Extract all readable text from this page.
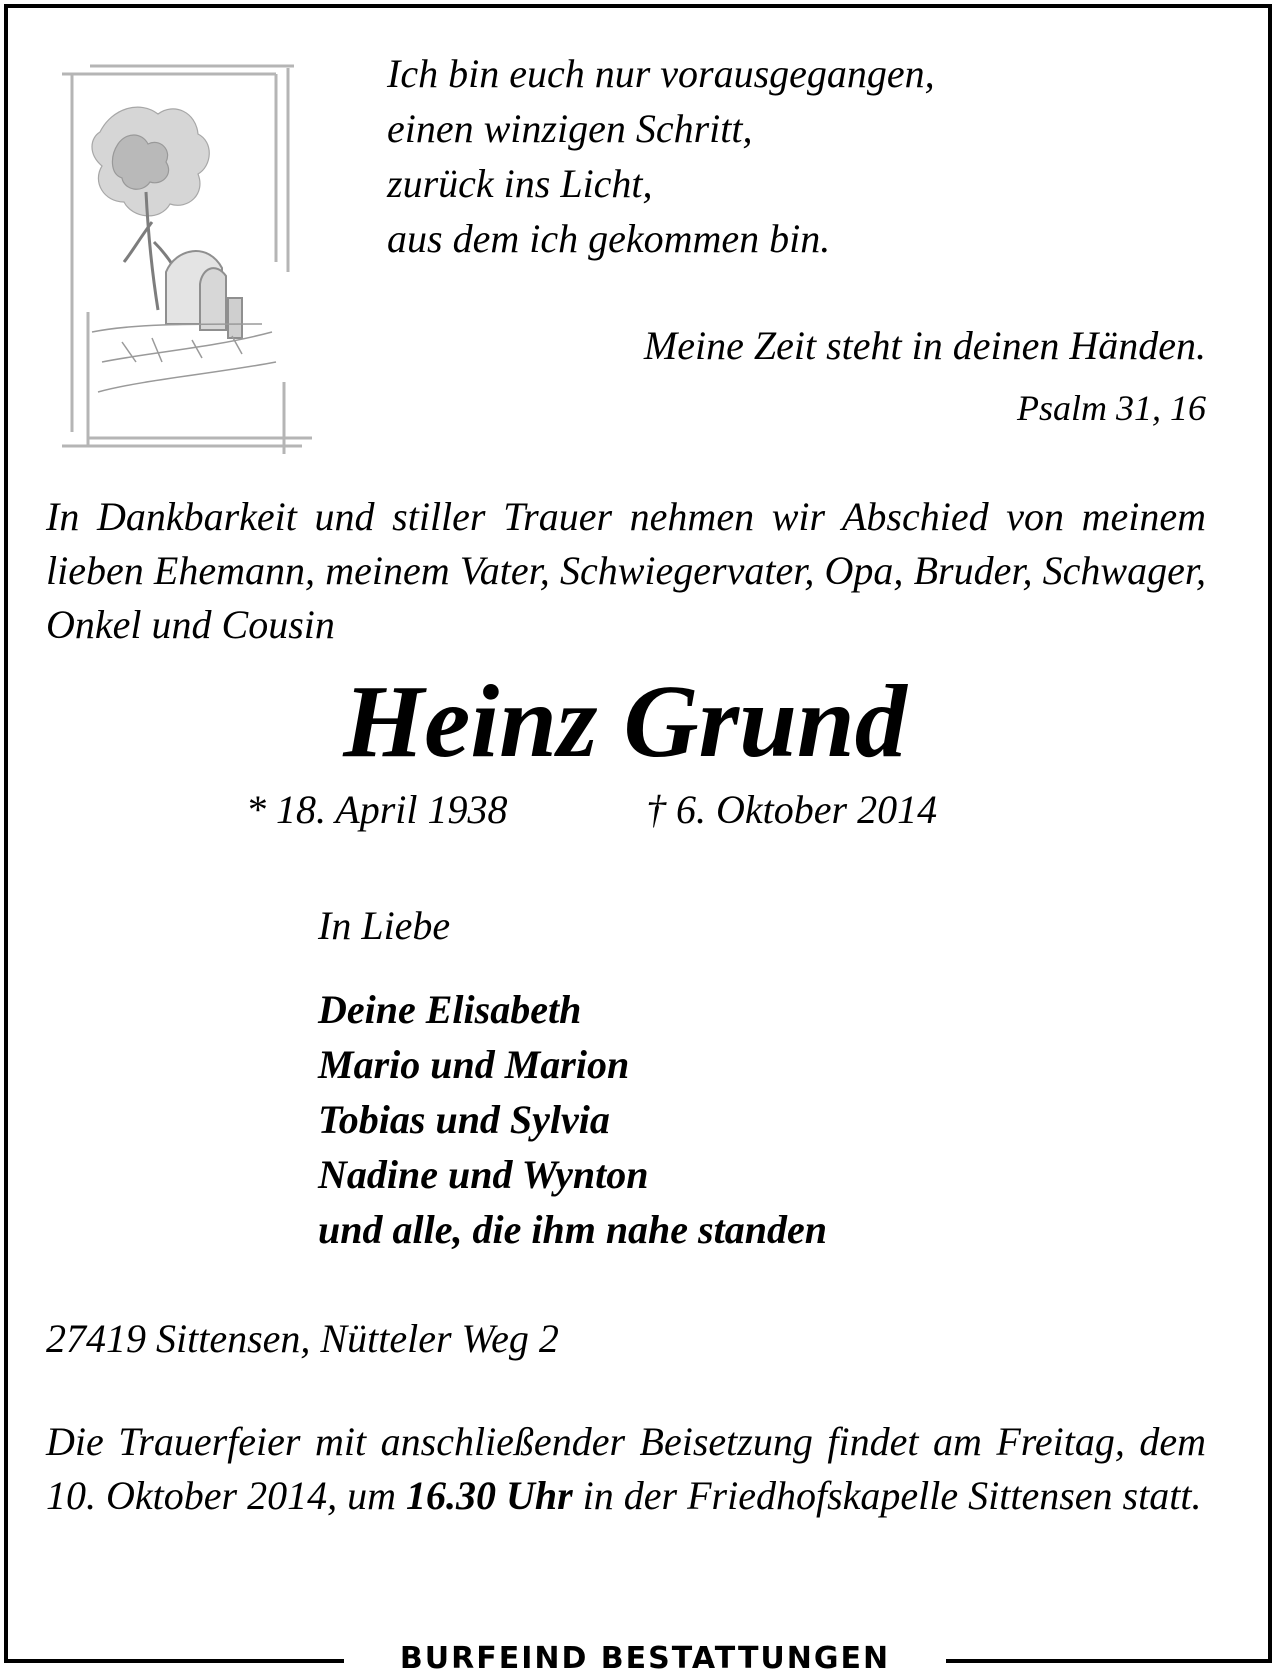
Ich bin euch nur vorausgegangen,
einen winzigen Schritt,
zurück ins Licht,
aus dem ich gekommen bin.
Meine Zeit steht in deinen Händen.
Psalm 31, 16
In Dankbarkeit und stiller Trauer nehmen wir Abschied von meinem lieben Ehemann, meinem Vater, Schwiegervater, Opa, Bruder, Schwager, Onkel und Cousin
Heinz Grund
* 18. April 1938	† 6. Oktober 2014
In Liebe
Deine Elisabeth
Mario und Marion
Tobias und Sylvia
Nadine und Wynton
und alle, die ihm nahe standen
27419 Sittensen, Nütteler Weg 2
Die Trauerfeier mit anschließender Beisetzung findet am Freitag, dem 10. Oktober 2014, um 16.30 Uhr in der Friedhofskapelle Sittensen statt.
BURFEIND BESTATTUNGEN
